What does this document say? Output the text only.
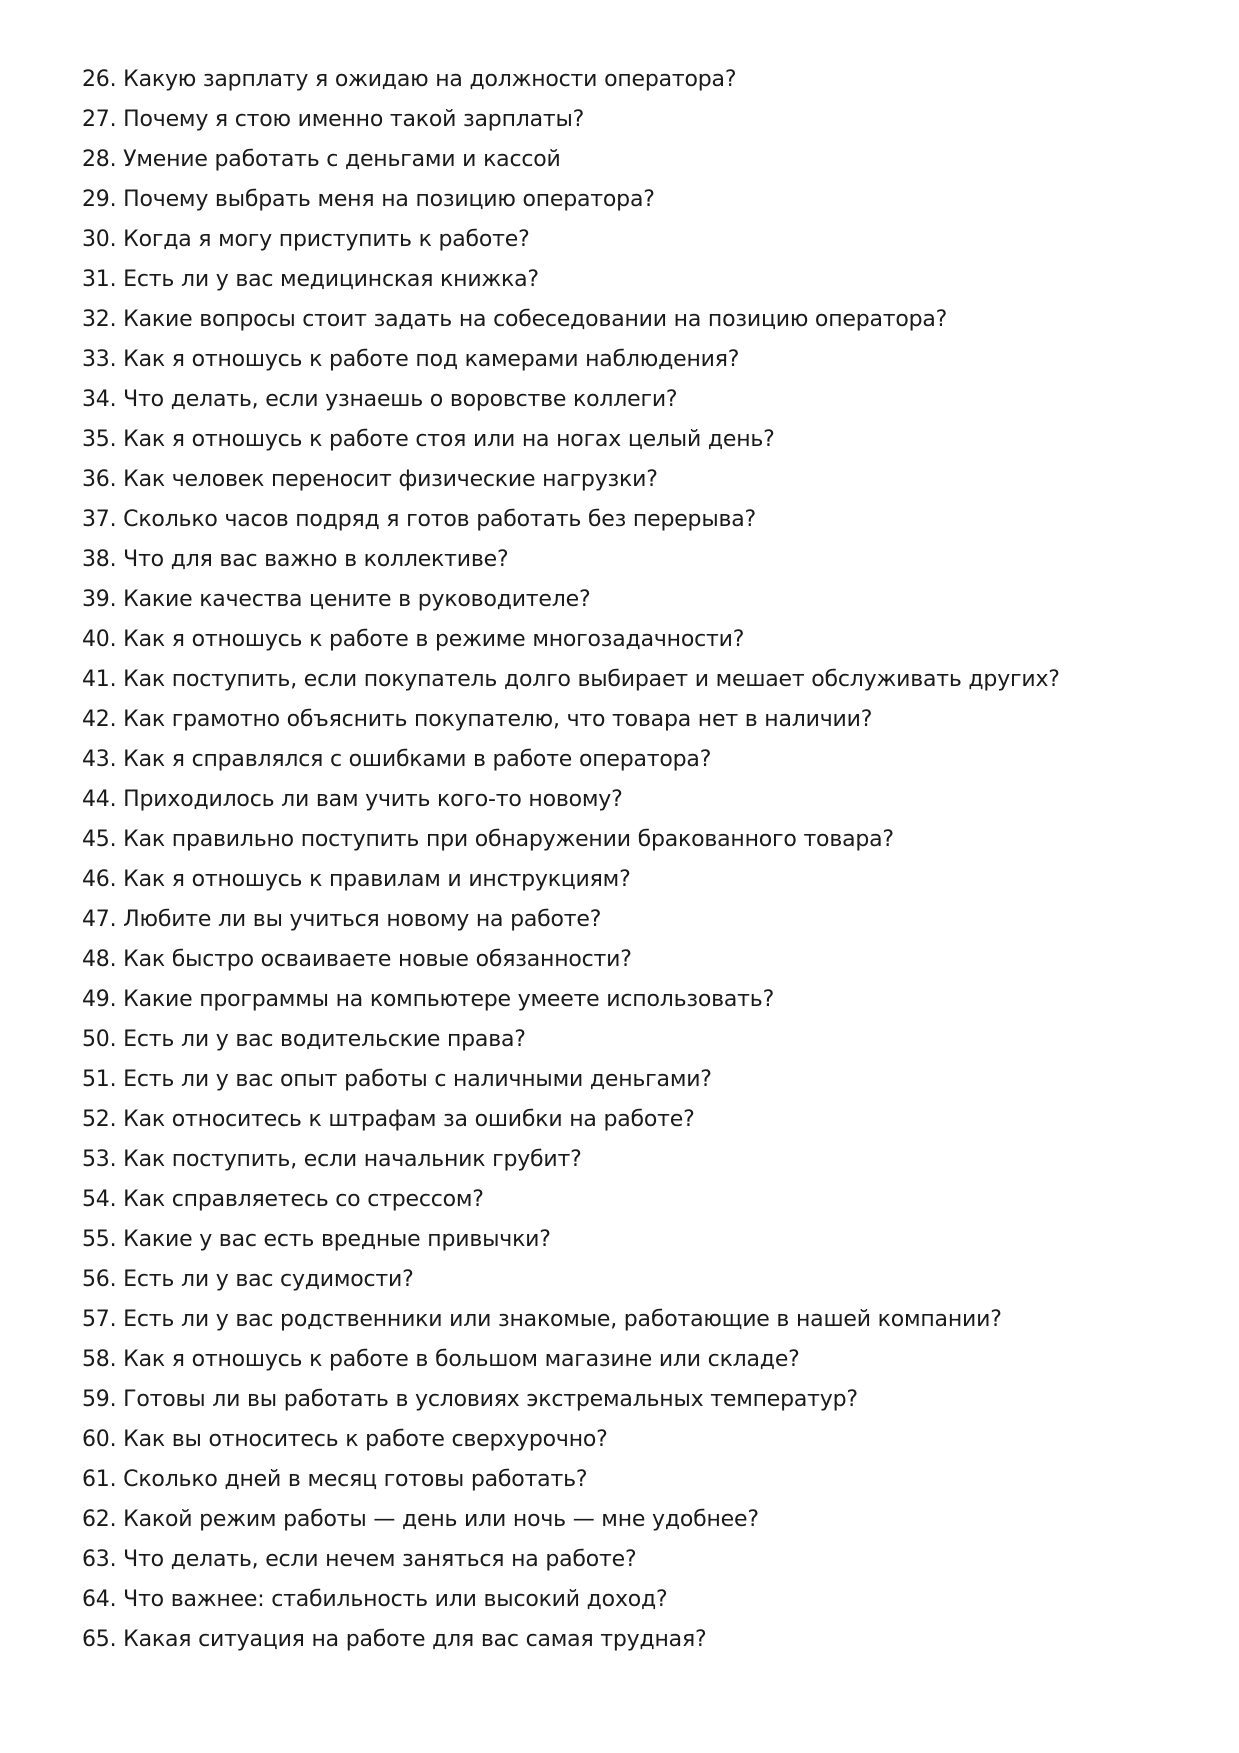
26. Какую зарплату я ожидаю на должности оператора?
27. Почему я стою именно такой зарплаты?
28. Умение работать с деньгами и кассой
29. Почему выбрать меня на позицию оператора?
30. Когда я могу приступить к работе?
31. Есть ли у вас медицинская книжка?
32. Какие вопросы стоит задать на собеседовании на позицию оператора?
33. Как я отношусь к работе под камерами наблюдения?
34. Что делать, если узнаешь о воровстве коллеги?
35. Как я отношусь к работе стоя или на ногах целый день?
36. Как человек переносит физические нагрузки?
37. Сколько часов подряд я готов работать без перерыва?
38. Что для вас важно в коллективе?
39. Какие качества цените в руководителе?
40. Как я отношусь к работе в режиме многозадачности?
41. Как поступить, если покупатель долго выбирает и мешает обслуживать других?
42. Как грамотно объяснить покупателю, что товара нет в наличии?
43. Как я справлялся с ошибками в работе оператора?
44. Приходилось ли вам учить кого-то новому?
45. Как правильно поступить при обнаружении бракованного товара?
46. Как я отношусь к правилам и инструкциям?
47. Любите ли вы учиться новому на работе?
48. Как быстро осваиваете новые обязанности?
49. Какие программы на компьютере умеете использовать?
50. Есть ли у вас водительские права?
51. Есть ли у вас опыт работы с наличными деньгами?
52. Как относитесь к штрафам за ошибки на работе?
53. Как поступить, если начальник грубит?
54. Как справляетесь со стрессом?
55. Какие у вас есть вредные привычки?
56. Есть ли у вас судимости?
57. Есть ли у вас родственники или знакомые, работающие в нашей компании?
58. Как я отношусь к работе в большом магазине или складе?
59. Готовы ли вы работать в условиях экстремальных температур?
60. Как вы относитесь к работе сверхурочно?
61. Сколько дней в месяц готовы работать?
62. Какой режим работы — день или ночь — мне удобнее?
63. Что делать, если нечем заняться на работе?
64. Что важнее: стабильность или высокий доход?
65. Какая ситуация на работе для вас самая трудная?
